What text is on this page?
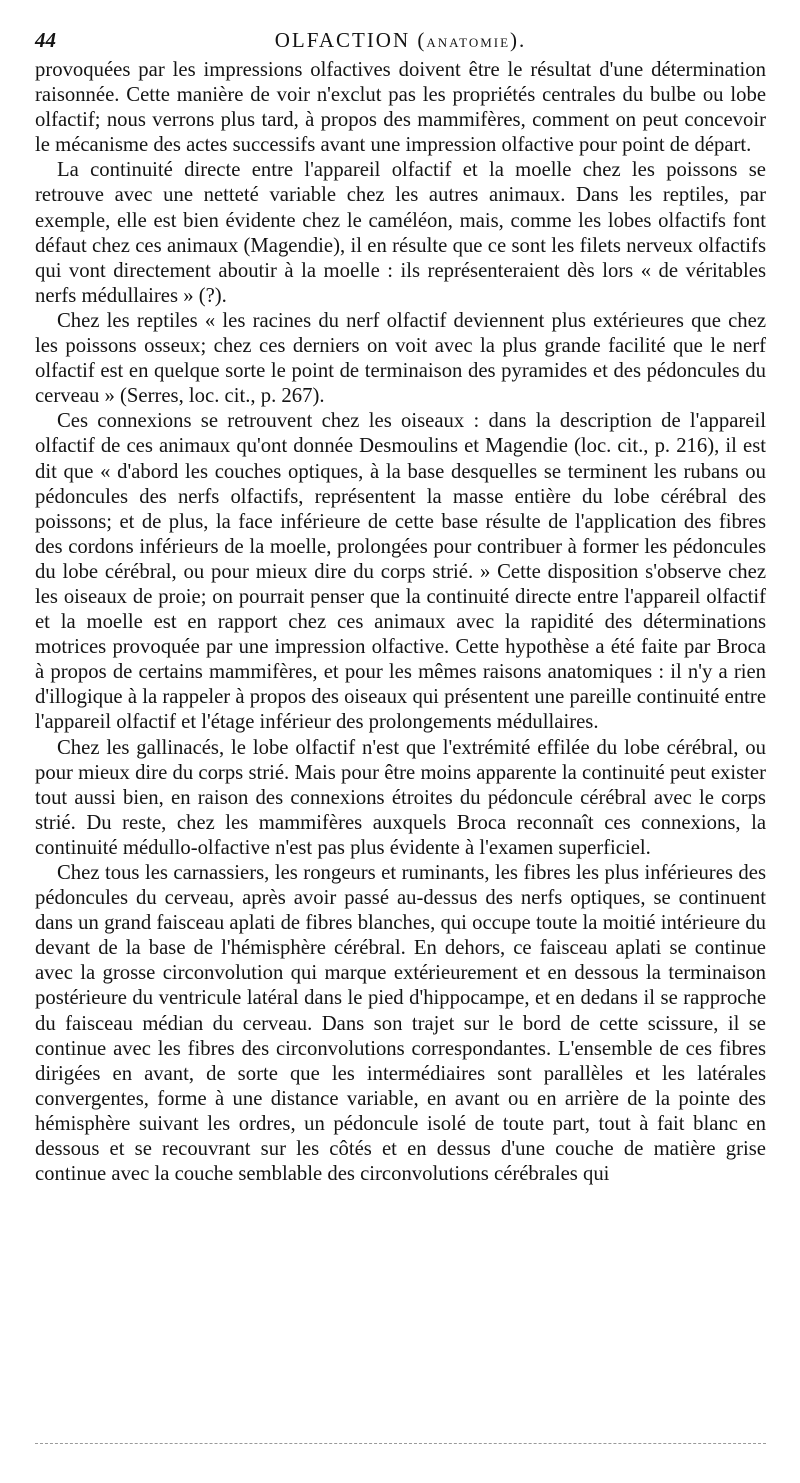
44	OLFACTION (ANATOMIE).

provoquées par les impressions olfactives doivent être le résultat d'une détermination raisonnée. Cette manière de voir n'exclut pas les propriétés centrales du bulbe ou lobe olfactif; nous verrons plus tard, à propos des mammifères, comment on peut concevoir le mécanisme des actes successifs avant une impression olfactive pour point de départ.

La continuité directe entre l'appareil olfactif et la moelle chez les poissons se retrouve avec une netteté variable chez les autres animaux. Dans les reptiles, par exemple, elle est bien évidente chez le caméléon, mais, comme les lobes olfactifs font défaut chez ces animaux (Magendie), il en résulte que ce sont les filets nerveux olfactifs qui vont directement aboutir à la moelle : ils représenteraient dès lors « de véritables nerfs médullaires » (?).

Chez les reptiles « les racines du nerf olfactif deviennent plus extérieures que chez les poissons osseux; chez ces derniers on voit avec la plus grande facilité que le nerf olfactif est en quelque sorte le point de terminaison des pyramides et des pédoncules du cerveau » (Serres, loc. cit., p. 267).

Ces connexions se retrouvent chez les oiseaux : dans la description de l'appareil olfactif de ces animaux qu'ont donnée Desmoulins et Magendie (loc. cit., p. 216), il est dit que « d'abord les couches optiques, à la base desquelles se terminent les rubans ou pédoncules des nerfs olfactifs, représentent la masse entière du lobe cérébral des poissons; et de plus, la face inférieure de cette base résulte de l'application des fibres des cordons inférieurs de la moelle, prolongées pour contribuer à former les pédoncules du lobe cérébral, ou pour mieux dire du corps strié. » Cette disposition s'observe chez les oiseaux de proie; on pourrait penser que la continuité directe entre l'appareil olfactif et la moelle est en rapport chez ces animaux avec la rapidité des déterminations motrices provoquée par une impression olfactive. Cette hypothèse a été faite par Broca à propos de certains mammifères, et pour les mêmes raisons anatomiques : il n'y a rien d'illogique à la rappeler à propos des oiseaux qui présentent une pareille continuité entre l'appareil olfactif et l'étage inférieur des prolongements médullaires.

Chez les gallinacés, le lobe olfactif n'est que l'extrémité effilée du lobe cérébral, ou pour mieux dire du corps strié. Mais pour être moins apparente la continuité peut exister tout aussi bien, en raison des connexions étroites du pédoncule cérébral avec le corps strié. Du reste, chez les mammifères auxquels Broca reconnaît ces connexions, la continuité médullo-olfactive n'est pas plus évidente à l'examen superficiel.

Chez tous les carnassiers, les rongeurs et ruminants, les fibres les plus inférieures des pédoncules du cerveau, après avoir passé au-dessus des nerfs optiques, se continuent dans un grand faisceau aplati de fibres blanches, qui occupe toute la moitié intérieure du devant de la base de l'hémisphère cérébral. En dehors, ce faisceau aplati se continue avec la grosse circonvolution qui marque extérieurement et en dessous la terminaison postérieure du ventricule latéral dans le pied d'hippocampe, et en dedans il se rapproche du faisceau médian du cerveau. Dans son trajet sur le bord de cette scissure, il se continue avec les fibres des circonvolutions correspondantes. L'ensemble de ces fibres dirigées en avant, de sorte que les intermédiaires sont parallèles et les latérales convergentes, forme à une distance variable, en avant ou en arrière de la pointe des hémisphère suivant les ordres, un pédoncule isolé de toute part, tout à fait blanc en dessous et se recouvrant sur les côtés et en dessus d'une couche de matière grise continue avec la couche semblable des circonvolutions cérébrales qui
